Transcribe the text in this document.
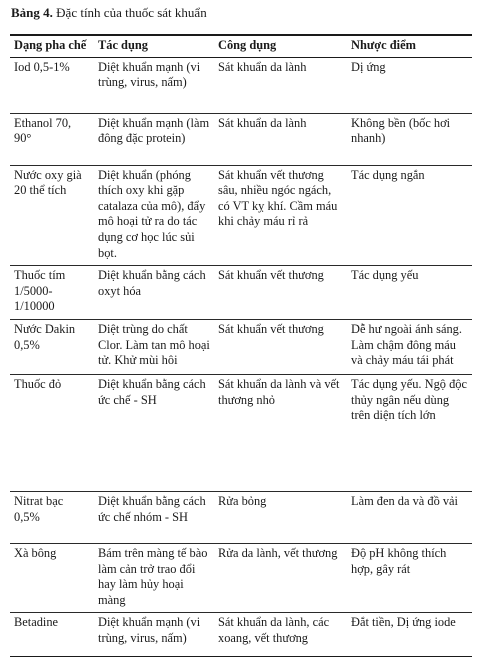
Bảng 4. Đặc tính của thuốc sát khuẩn
Dạng pha chế	Tác dụng	Công dụng	Nhược điểm
Iod 0,5-1%	Diệt khuẩn mạnh (vi trùng, virus, nấm)	Sát khuẩn da lành	Dị ứng
Ethanol 70, 90°	Diệt khuẩn mạnh (làm đông đặc protein)	Sát khuẩn da lành	Không bền (bốc hơi nhanh)
Nước oxy già 20 thể tích	Diệt khuẩn (phóng thích oxy khi gặp catalaza của mô), đẩy mô hoại tử ra do tác dụng cơ học lúc sủi bọt.	Sát khuẩn vết thương sâu, nhiều ngóc ngách, có VT kỵ khí. Cầm máu khi chảy máu rỉ rả	Tác dụng ngắn
Thuốc tím 1/5000-1/10000	Diệt khuẩn bằng cách oxyt hóa	Sát khuẩn vết thương	Tác dụng yếu
Nước Dakin 0,5%	Diệt trùng do chất Clor. Làm tan mô hoại tử. Khử mùi hôi	Sát khuẩn vết thương	Dễ hư ngoài ánh sáng. Làm chậm đông máu và chảy máu tái phát
Thuốc đỏ	Diệt khuẩn bằng cách ức chế - SH	Sát khuẩn da lành và vết thương nhỏ	Tác dụng yếu. Ngộ độc thủy ngân nếu dùng trên diện tích lớn
Nitrat bạc 0,5%	Diệt khuẩn bằng cách ức chế nhóm - SH	Rửa bỏng	Làm đen da và đồ vải
Xà bông	Bám trên màng tế bào làm cản trở trao đổi hay làm hủy hoại màng	Rửa da lành, vết thương	Độ pH không thích hợp, gây rát
Betadine	Diệt khuẩn mạnh (vi trùng, virus, nấm)	Sát khuẩn da lành, các xoang, vết thương	Đắt tiền, Dị ứng iode
